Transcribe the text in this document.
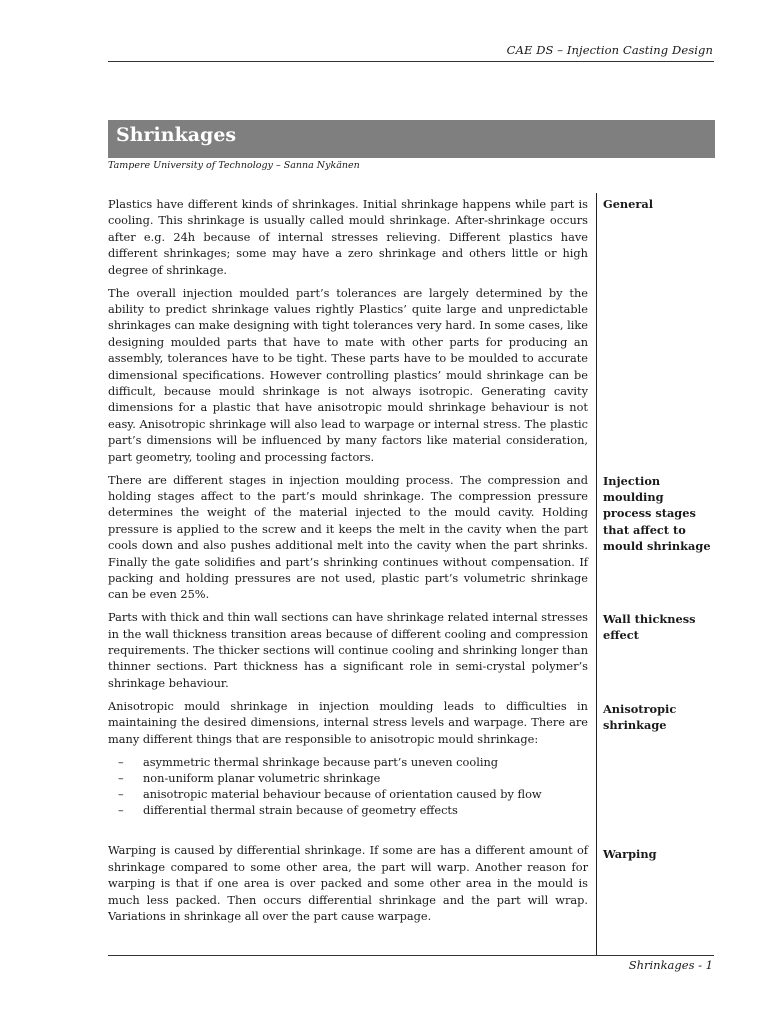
CAE DS – Injection Casting Design
Shrinkages
Tampere University of Technology – Sanna Nykänen

Plastics have different kinds of shrinkages. Initial shrinkage happens while part is cooling. This shrinkage is usually called mould shrinkage. After-shrinkage occurs after e.g. 24h because of internal stresses relieving. Different plastics have different shrinkages; some may have a zero shrinkage and others little or high degree of shrinkage.

The overall injection moulded part’s tolerances are largely determined by the ability to predict shrinkage values rightly Plastics’ quite large and unpredictable shrinkages can make designing with tight tolerances very hard. In some cases, like designing moulded parts that have to mate with other parts for producing an assembly, tolerances have to be tight. These parts have to be moulded to accurate dimensional specifications. However controlling plastics’ mould shrinkage can be difficult, because mould shrinkage is not always isotropic. Generating cavity dimensions for a plastic that have anisotropic mould shrinkage behaviour is not easy. Anisotropic shrinkage will also lead to warpage or internal stress. The plastic part’s dimensions will be influenced by many factors like material consideration, part geometry, tooling and processing factors.

There are different stages in injection moulding process. The compression and holding stages affect to the part’s mould shrinkage. The compression pressure determines the weight of the material injected to the mould cavity. Holding pressure is applied to the screw and it keeps the melt in the cavity when the part cools down and also pushes additional melt into the cavity when the part shrinks. Finally the gate solidifies and part’s shrinking continues without compensation. If packing and holding pressures are not used, plastic part’s volumetric shrinkage can be even 25%.

Parts with thick and thin wall sections can have shrinkage related internal stresses in the wall thickness transition areas because of different cooling and compression requirements. The thicker sections will continue cooling and shrinking longer than thinner sections. Part thickness has a significant role in semi-crystal polymer’s shrinkage behaviour.

Anisotropic mould shrinkage in injection moulding leads to difficulties in maintaining the desired dimensions, internal stress levels and warpage. There are many different things that are responsible to anisotropic mould shrinkage:

– asymmetric thermal shrinkage because part’s uneven cooling
– non-uniform planar volumetric shrinkage
– anisotropic material behaviour because of orientation caused by flow
– differential thermal strain because of geometry effects

Warping is caused by differential shrinkage. If some are has a different amount of shrinkage compared to some other area, the part will warp. Another reason for warping is that if one area is over packed and some other area in the mould is much less packed. Then occurs differential shrinkage and the part will wrap. Variations in shrinkage all over the part cause warpage.

General
Injection moulding process stages that affect to mould shrinkage
Wall thickness effect
Anisotropic shrinkage
Warping
Shrinkages - 1
